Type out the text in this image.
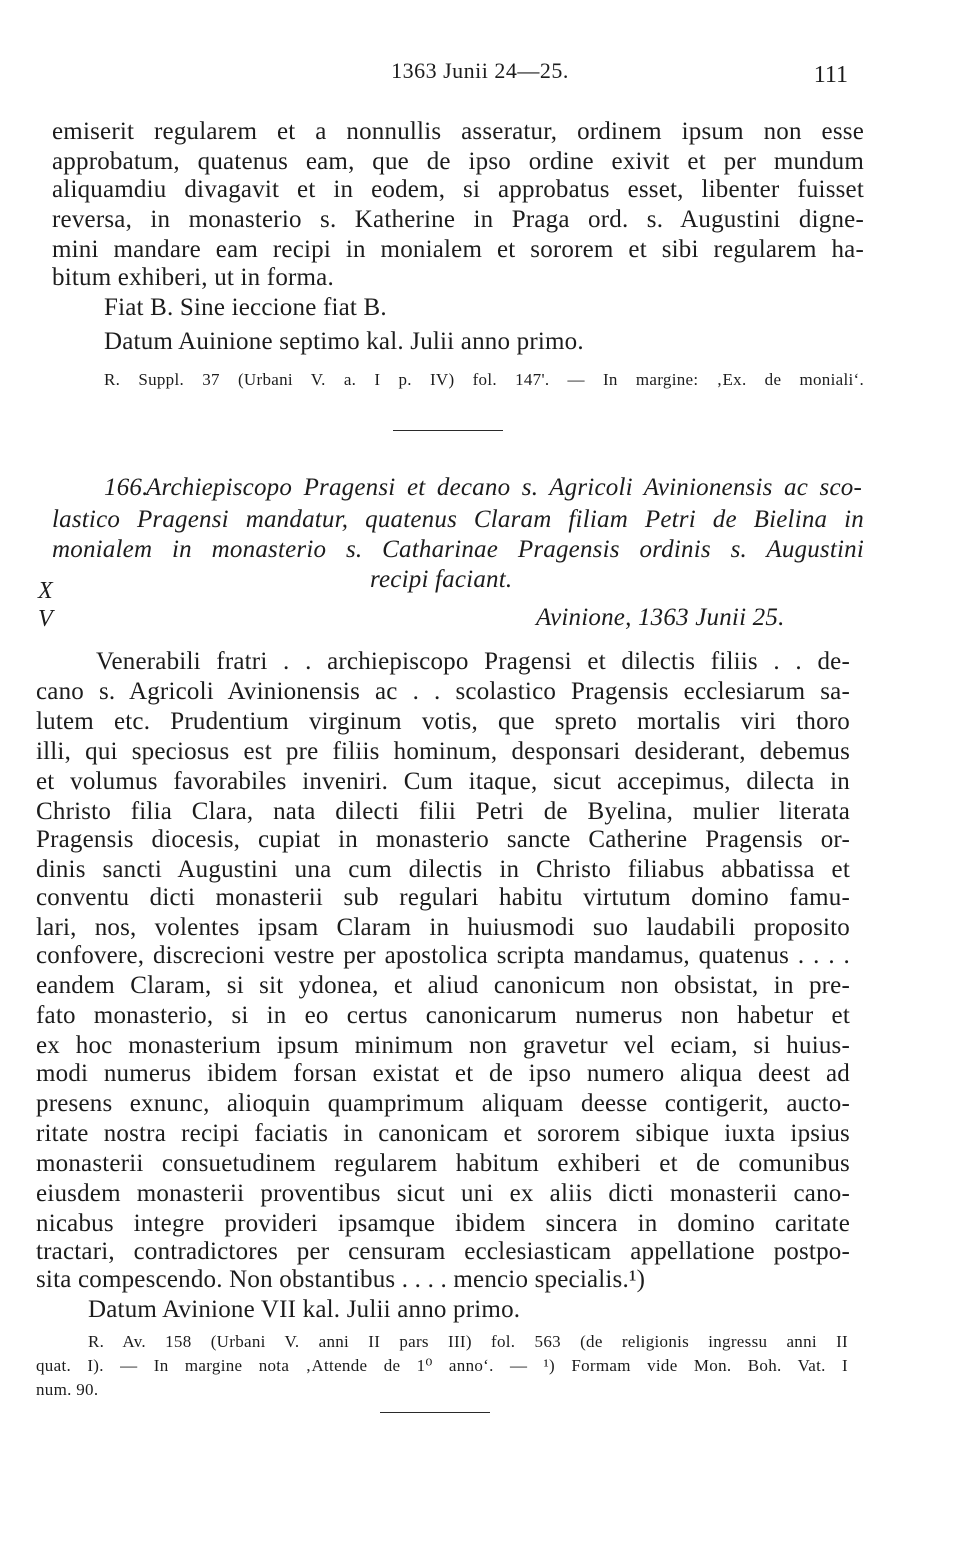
1363 Junii 24—25.	111
emiserit regularem et a nonnullis asseratur, ordinem ipsum non esse
approbatum, quatenus eam, que de ipso ordine exivit et per mundum
aliquamdiu divagavit et in eodem, si approbatus esset, libenter fuisset
reversa, in monasterio s. Katherine in Praga ord. s. Augustini digne-
mini mandare eam recipi in monialem et sororem et sibi regularem ha-
bitum exhiberi, ut in forma.
Fiat B. Sine ieccione fiat B.
Datum Auinione septimo kal. Julii anno primo.
R. Suppl. 37 (Urbani V. a. I p. IV) fol. 147'. — In margine: ‚Ex. de moniali‘.
X
V	Avinione, 1363 Junii 25.
166.
Archiepiscopo Pragensi et decano s. Agricoli Avinionensis ac sco-
lastico Pragensi mandatur, quatenus Claram filiam Petri de Bielina in
monialem in monasterio s. Catharinae Pragensis ordinis s. Augustini
recipi faciant.
Venerabili fratri . . archiepiscopo Pragensi et dilectis filiis . . de-
cano s. Agricoli Avinionensis ac . . scolastico Pragensis ecclesiarum sa-
lutem etc. Prudentium virginum votis, que spreto mortalis viri thoro
illi, qui speciosus est pre filiis hominum, desponsari desiderant, debemus
et volumus favorabiles inveniri. Cum itaque, sicut accepimus, dilecta in
Christo filia Clara, nata dilecti filii Petri de Byelina, mulier literata
Pragensis diocesis, cupiat in monasterio sancte Catherine Pragensis or-
dinis sancti Augustini una cum dilectis in Christo filiabus abbatissa et
conventu dicti monasterii sub regulari habitu virtutum domino famu-
lari, nos, volentes ipsam Claram in huiusmodi suo laudabili proposito
confovere, discrecioni vestre per apostolica scripta mandamus, quatenus . . . .
eandem Claram, si sit ydonea, et aliud canonicum non obsistat, in pre-
fato monasterio, si in eo certus canonicarum numerus non habetur et
ex hoc monasterium ipsum minimum non gravetur vel eciam, si huius-
modi numerus ibidem forsan existat et de ipso numero aliqua deest ad
presens exnunc, alioquin quamprimum aliquam deesse contigerit, aucto-
ritate nostra recipi faciatis in canonicam et sororem sibique iuxta ipsius
monasterii consuetudinem regularem habitum exhiberi et de comunibus
eiusdem monasterii proventibus sicut uni ex aliis dicti monasterii cano-
nicabus integre provideri ipsamque ibidem sincera in domino caritate
tractari, contradictores per censuram ecclesiasticam appellatione postpo-
sita compescendo. Non obstantibus . . . . mencio specialis.¹)
Datum Avinione VII kal. Julii anno primo.
R. Av. 158 (Urbani V. anni II pars III) fol. 563 (de religionis ingressu anni II
quat. I). — In margine nota ‚Attende de 1⁰ anno‘. — ¹) Formam vide Mon. Boh. Vat. I
num. 90.
